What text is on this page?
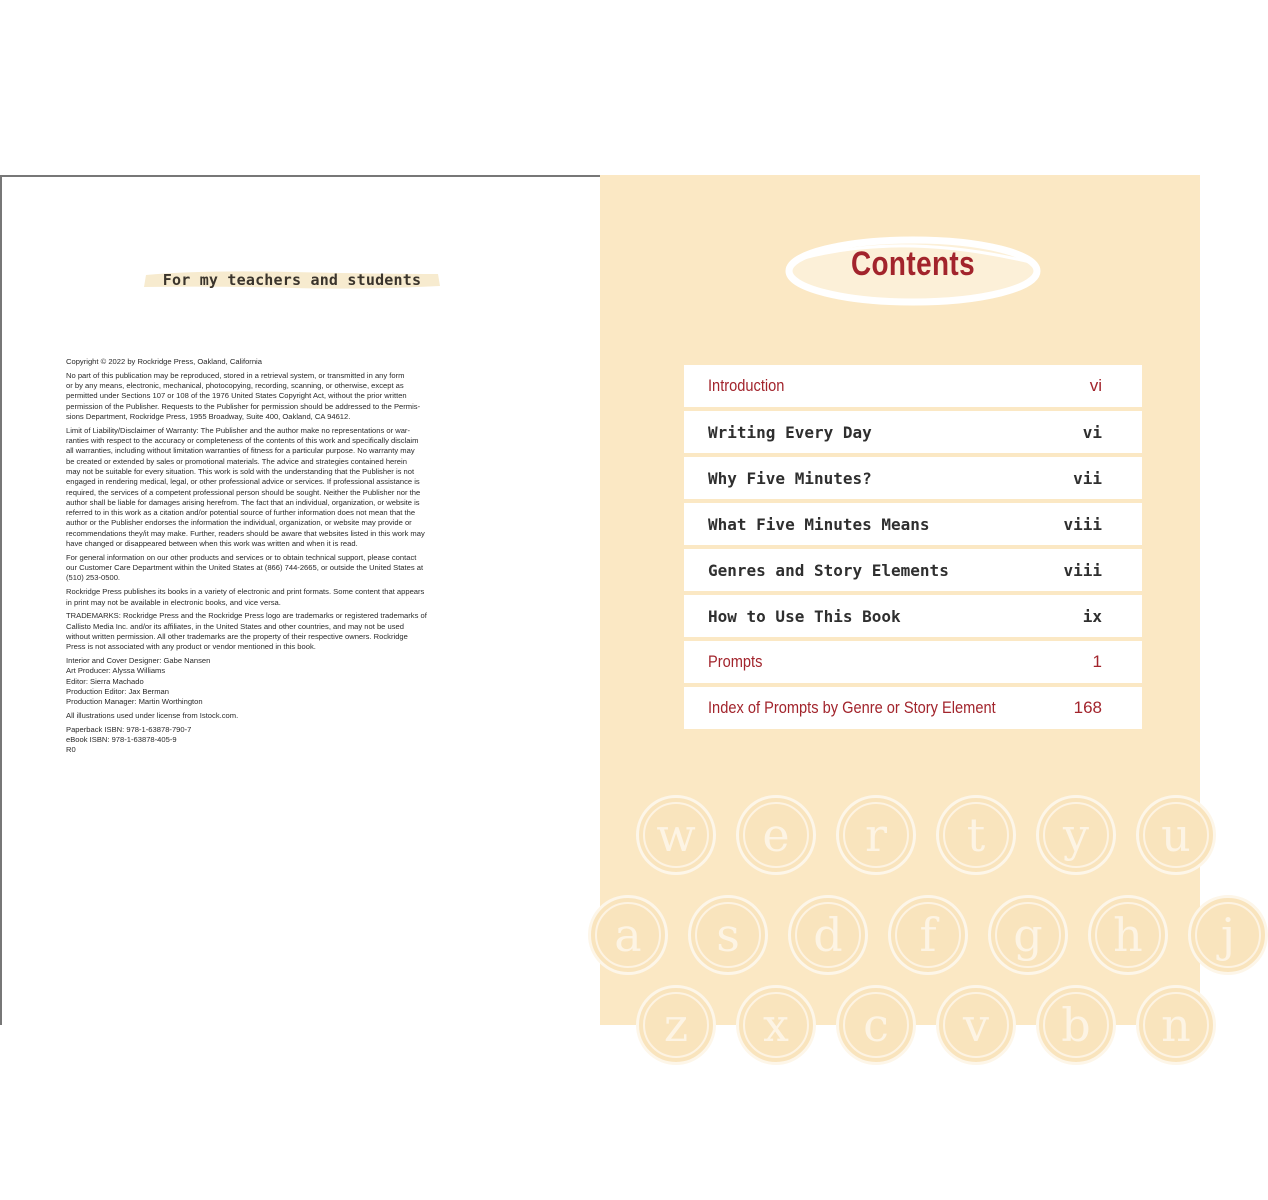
For my teachers and students

Copyright © 2022 by Rockridge Press, Oakland, California

No part of this publication may be reproduced, stored in a retrieval system, or transmitted in any form
or by any means, electronic, mechanical, photocopying, recording, scanning, or otherwise, except as
permitted under Sections 107 or 108 of the 1976 United States Copyright Act, without the prior written
permission of the Publisher. Requests to the Publisher for permission should be addressed to the Permis-
sions Department, Rockridge Press, 1955 Broadway, Suite 400, Oakland, CA 94612.

Limit of Liability/Disclaimer of Warranty: The Publisher and the author make no representations or war-
ranties with respect to the accuracy or completeness of the contents of this work and specifically disclaim
all warranties, including without limitation warranties of fitness for a particular purpose. No warranty may
be created or extended by sales or promotional materials. The advice and strategies contained herein
may not be suitable for every situation. This work is sold with the understanding that the Publisher is not
engaged in rendering medical, legal, or other professional advice or services. If professional assistance is
required, the services of a competent professional person should be sought. Neither the Publisher nor the
author shall be liable for damages arising herefrom. The fact that an individual, organization, or website is
referred to in this work as a citation and/or potential source of further information does not mean that the
author or the Publisher endorses the information the individual, organization, or website may provide or
recommendations they/it may make. Further, readers should be aware that websites listed in this work may
have changed or disappeared between when this work was written and when it is read.

For general information on our other products and services or to obtain technical support, please contact
our Customer Care Department within the United States at (866) 744-2665, or outside the United States at
(510) 253-0500.

Rockridge Press publishes its books in a variety of electronic and print formats. Some content that appears
in print may not be available in electronic books, and vice versa.

TRADEMARKS: Rockridge Press and the Rockridge Press logo are trademarks or registered trademarks of
Callisto Media Inc. and/or its affiliates, in the United States and other countries, and may not be used
without written permission. All other trademarks are the property of their respective owners. Rockridge
Press is not associated with any product or vendor mentioned in this book.

Interior and Cover Designer: Gabe Nansen
Art Producer: Alyssa Williams
Editor: Sierra Machado
Production Editor: Jax Berman
Production Manager: Martin Worthington

All illustrations used under license from Istock.com.

Paperback ISBN: 978-1-63878-790-7
eBook ISBN: 978-1-63878-405-9
R0

Contents
Introduction	vi
Writing Every Day	vi
Why Five Minutes?	vii
What Five Minutes Means	viii
Genres and Story Elements	viii
How to Use This Book	ix
Prompts	1
Index of Prompts by Genre or Story Element	168
w e r t y u
a s d f g h j
z x c v b n
